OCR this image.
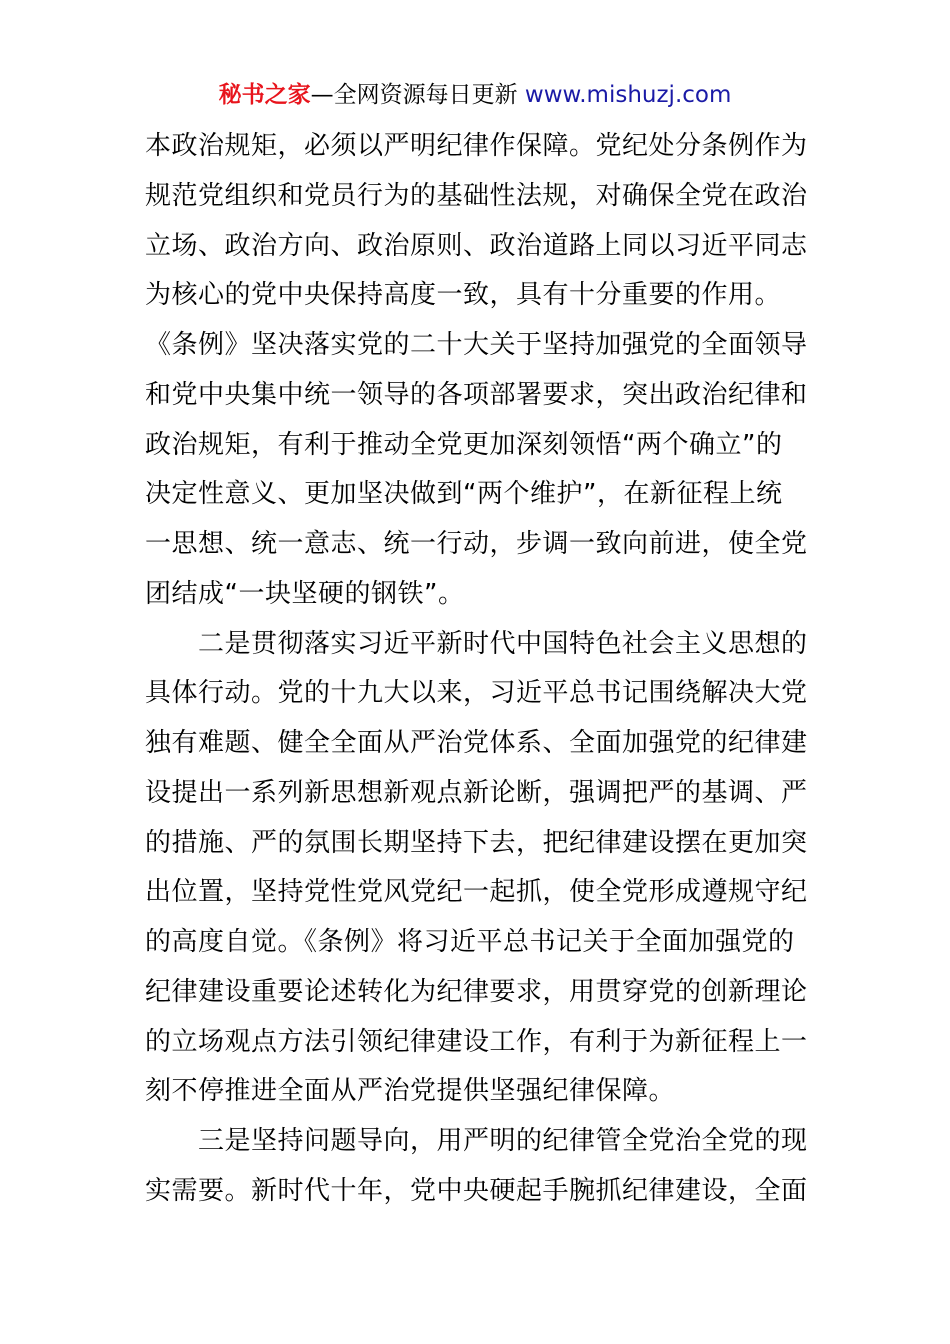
秘书之家—全网资源每日更新 www.mishuzj.com
本政治规矩，必须以严明纪律作保障。党纪处分条例作为
规范党组织和党员行为的基础性法规，对确保全党在政治
立场、政治方向、政治原则、政治道路上同以习近平同志
为核心的党中央保持高度一致，具有十分重要的作用。
《条例》坚决落实党的二十大关于坚持加强党的全面领导
和党中央集中统一领导的各项部署要求，突出政治纪律和
政治规矩，有利于推动全党更加深刻领悟“两个确立”的
决定性意义、更加坚决做到“两个维护”，在新征程上统
一思想、统一意志、统一行动，步调一致向前进，使全党
团结成“一块坚硬的钢铁”。
　　二是贯彻落实习近平新时代中国特色社会主义思想的
具体行动。党的十九大以来，习近平总书记围绕解决大党
独有难题、健全全面从严治党体系、全面加强党的纪律建
设提出一系列新思想新观点新论断，强调把严的基调、严
的措施、严的氛围长期坚持下去，把纪律建设摆在更加突
出位置，坚持党性党风党纪一起抓，使全党形成遵规守纪
的高度自觉。《条例》将习近平总书记关于全面加强党的
纪律建设重要论述转化为纪律要求，用贯穿党的创新理论
的立场观点方法引领纪律建设工作，有利于为新征程上一
刻不停推进全面从严治党提供坚强纪律保障。
　　三是坚持问题导向，用严明的纪律管全党治全党的现
实需要。新时代十年，党中央硬起手腕抓纪律建设，全面
